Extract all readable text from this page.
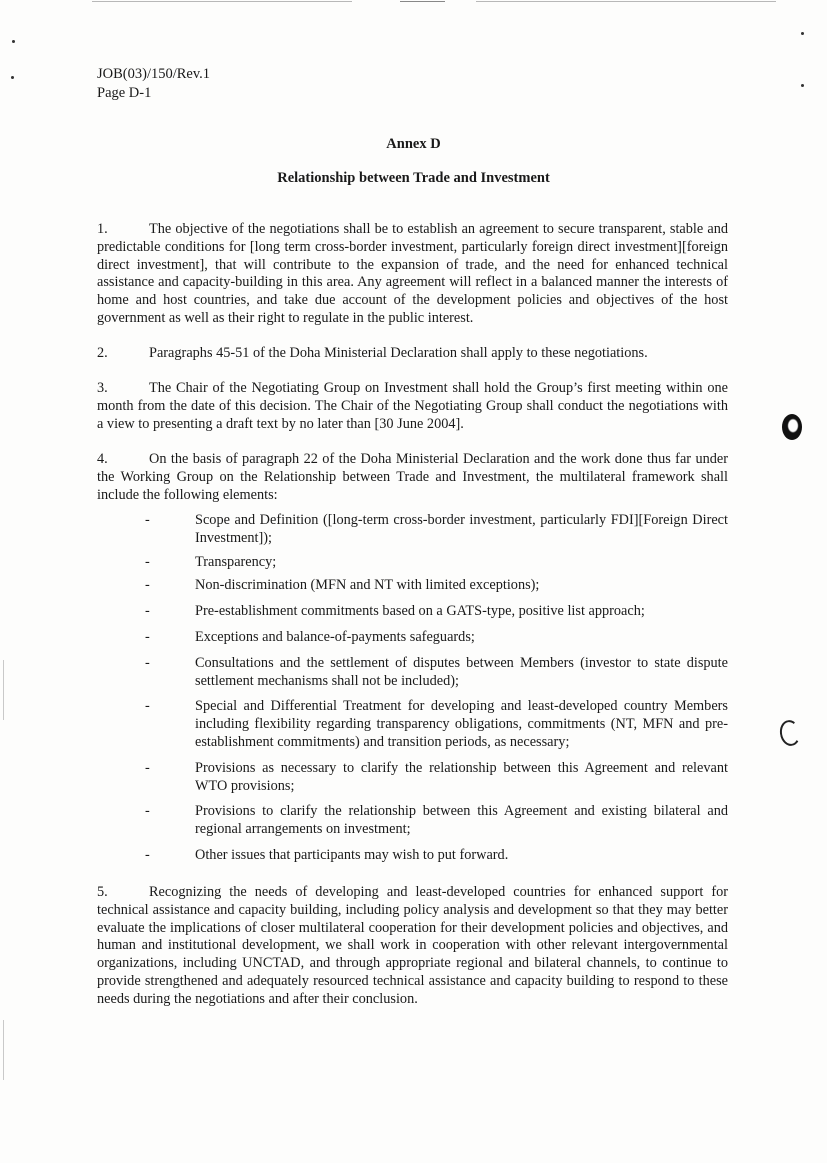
JOB(03)/150/Rev.1
Page D-1
Annex D
Relationship between Trade and Investment

1.	The objective of the negotiations shall be to establish an agreement to secure transparent, stable and predictable conditions for [long term cross-border investment, particularly foreign direct investment][foreign direct investment], that will contribute to the expansion of trade, and the need for enhanced technical assistance and capacity-building in this area. Any agreement will reflect in a balanced manner the interests of home and host countries, and take due account of the development policies and objectives of the host government as well as their right to regulate in the public interest.

2.	Paragraphs 45-51 of the Doha Ministerial Declaration shall apply to these negotiations.

3.	The Chair of the Negotiating Group on Investment shall hold the Group’s first meeting within one month from the date of this decision. The Chair of the Negotiating Group shall conduct the negotiations with a view to presenting a draft text by no later than [30 June 2004].

4.	On the basis of paragraph 22 of the Doha Ministerial Declaration and the work done thus far under the Working Group on the Relationship between Trade and Investment, the multilateral framework shall include the following elements:

-	Scope and Definition ([long-term cross-border investment, particularly FDI][Foreign Direct Investment]);
-	Transparency;
-	Non-discrimination (MFN and NT with limited exceptions);
-	Pre-establishment commitments based on a GATS-type, positive list approach;
-	Exceptions and balance-of-payments safeguards;
-	Consultations and the settlement of disputes between Members (investor to state dispute settlement mechanisms shall not be included);
-	Special and Differential Treatment for developing and least-developed country Members including flexibility regarding transparency obligations, commitments (NT, MFN and pre-establishment commitments) and transition periods, as necessary;
-	Provisions as necessary to clarify the relationship between this Agreement and relevant WTO provisions;
-	Provisions to clarify the relationship between this Agreement and existing bilateral and regional arrangements on investment;
-	Other issues that participants may wish to put forward.

5.	Recognizing the needs of developing and least-developed countries for enhanced support for technical assistance and capacity building, including policy analysis and development so that they may better evaluate the implications of closer multilateral cooperation for their development policies and objectives, and human and institutional development, we shall work in cooperation with other relevant intergovernmental organizations, including UNCTAD, and through appropriate regional and bilateral channels, to continue to provide strengthened and adequately resourced technical assistance and capacity building to respond to these needs during the negotiations and after their conclusion.
